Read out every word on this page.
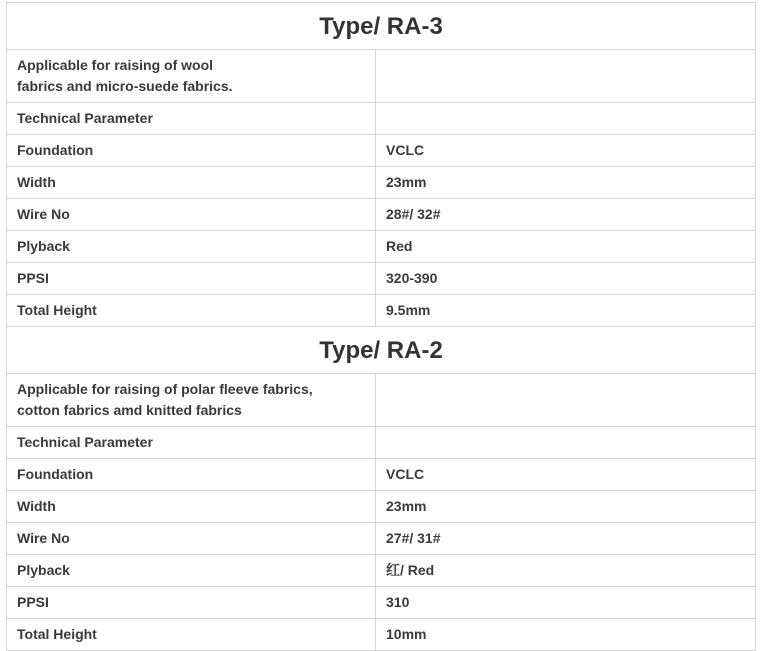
Type/ RA-3	

Applicable for raising of wool
fabrics and micro-suede fabrics.	

Technical Parameter	
Foundation	VCLC
Width	23mm
Wire No	28#/ 32#
Plyback	Red
PPSI	320-390
Total Height	9.5mm
Type/ RA-2	

Applicable for raising of polar fleeve fabrics,
cotton fabrics amd knitted fabrics	

Technical Parameter	
Foundation	VCLC
Width	23mm
Wire No	27#/ 31#
Plyback	红/ Red
PPSI	310
Total Height	10mm
